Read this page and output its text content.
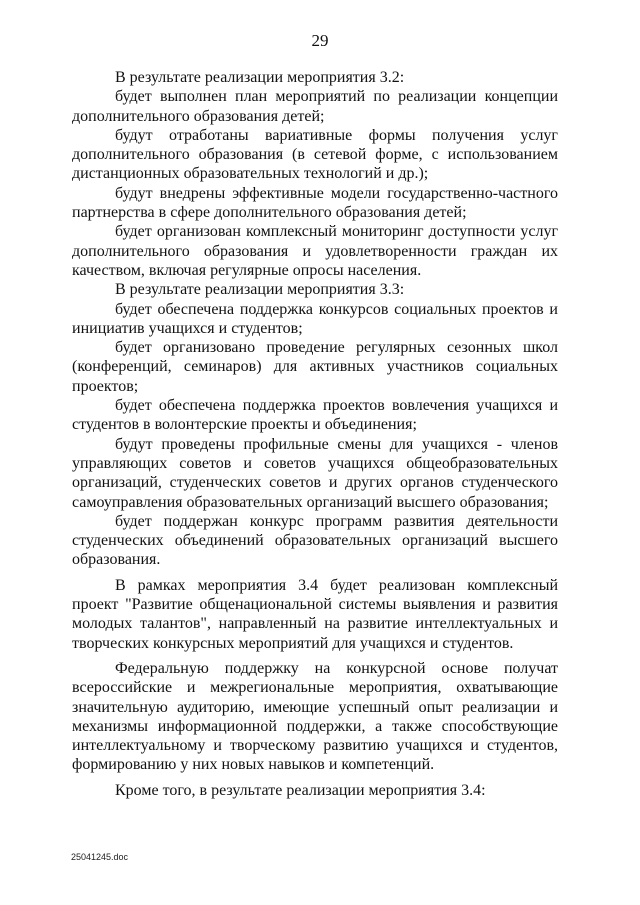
29

В результате реализации мероприятия 3.2:

будет выполнен план мероприятий по реализации концепции дополнительного образования детей;

будут отработаны вариативные формы получения услуг дополнительного образования (в сетевой форме, с использованием дистанционных образовательных технологий и др.);

будут внедрены эффективные модели государственно-частного партнерства в сфере дополнительного образования детей;

будет организован комплексный мониторинг доступности услуг дополнительного образования и удовлетворенности граждан их качеством, включая регулярные опросы населения.

В результате реализации мероприятия 3.3:

будет обеспечена поддержка конкурсов социальных проектов и инициатив учащихся и студентов;

будет организовано проведение регулярных сезонных школ (конференций, семинаров) для активных участников социальных проектов;

будет обеспечена поддержка проектов вовлечения учащихся и студентов в волонтерские проекты и объединения;

будут проведены профильные смены для учащихся - членов управляющих советов и советов учащихся общеобразовательных организаций, студенческих советов и других органов студенческого самоуправления образовательных организаций высшего образования;

будет поддержан конкурс программ развития деятельности студенческих объединений образовательных организаций высшего образования.

В рамках мероприятия 3.4 будет реализован комплексный проект "Развитие общенациональной системы выявления и развития молодых талантов", направленный на развитие интеллектуальных и творческих конкурсных мероприятий для учащихся и студентов.

Федеральную поддержку на конкурсной основе получат всероссийские и межрегиональные мероприятия, охватывающие значительную аудиторию, имеющие успешный опыт реализации и механизмы информационной поддержки, а также способствующие интеллектуальному и творческому развитию учащихся и студентов, формированию у них новых навыков и компетенций.

Кроме того, в результате реализации мероприятия 3.4:

25041245.doc
